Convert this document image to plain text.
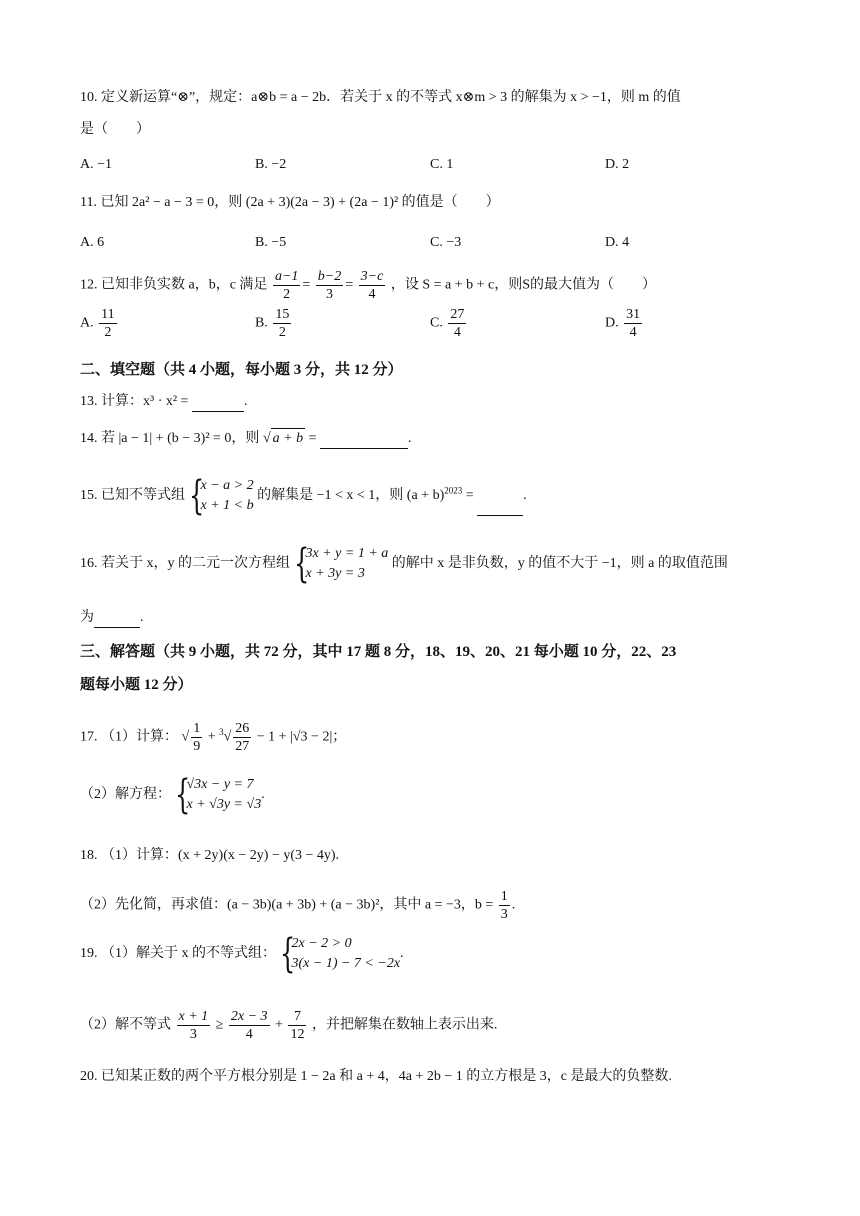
10. 定义新运算“⊗”，规定：a⊗b = a − 2b．若关于 x 的不等式 x⊗m > 3 的解集为 x > −1，则 m 的值
是（　　）
A. −1	B. −2	C. 1	D. 2
11. 已知 2a² − a − 3 = 0，则 (2a + 3)(2a − 3) + (2a − 1)² 的值是（　　）
A. 6	B. −5	C. −3	D. 4
12. 已知非负实数 a，b，c 满足 $\frac{a-1}{2} = \frac{b-2}{3} = \frac{3-c}{4}$ ，设 S = a + b + c，则S的最大值为（　　）
A. $\frac{11}{2}$	B. $\frac{15}{2}$	C. $\frac{27}{4}$	D. $\frac{31}{4}$
二、填空题（共 4 小题，每小题 3 分，共 12 分）
13. 计算：x³ · x² =	.
14. 若 |a − 1| + (b − 3)² = 0，则 √ a + b =	.
15. 已知不等式组 {
x − a > 2
x + 1 < b
的解集是 −1 < x < 1，则 $(a + b)^{2023}$ =	.
16. 若关于 x，y 的二元一次方程组 {
3x + y = 1 + a
x + 3y = 3
的解中 x 是非负数，y 的值不大于 −1，则 a 的取值范围
为	.
三、解答题（共 9 小题，共 72 分，其中 17 题 8 分，18、19、20、21 每小题 10 分，22、23
题每小题 12 分）
17. （1）计算： √ $\frac{1}{9} + ^3√ \frac{26}{27} - 1 + |√3 - 2|$；
（2）解方程： {
√3x − y = 7
x + √3y = √3
.
18. （1）计算：(x + 2y)(x − 2y) − y(3 − 4y).
（2）先化简，再求值：(a − 3b)(a + 3b) + (a − 3b)²，其中 a = −3，$b = \frac{1}{3}$ .
19. （1）解关于 x 的不等式组： {
2x − 2 > 0
3(x − 1) − 7 < −2x
.
（2）解不等式 $\frac{x + 1}{3} \ge \frac{2x - 3}{4} + \frac{7}{12}$ ，并把解集在数轴上表示出来.
20. 已知某正数的两个平方根分别是 1 − 2a 和 a + 4，4a + 2b − 1 的立方根是 3，c 是最大的负整数.
